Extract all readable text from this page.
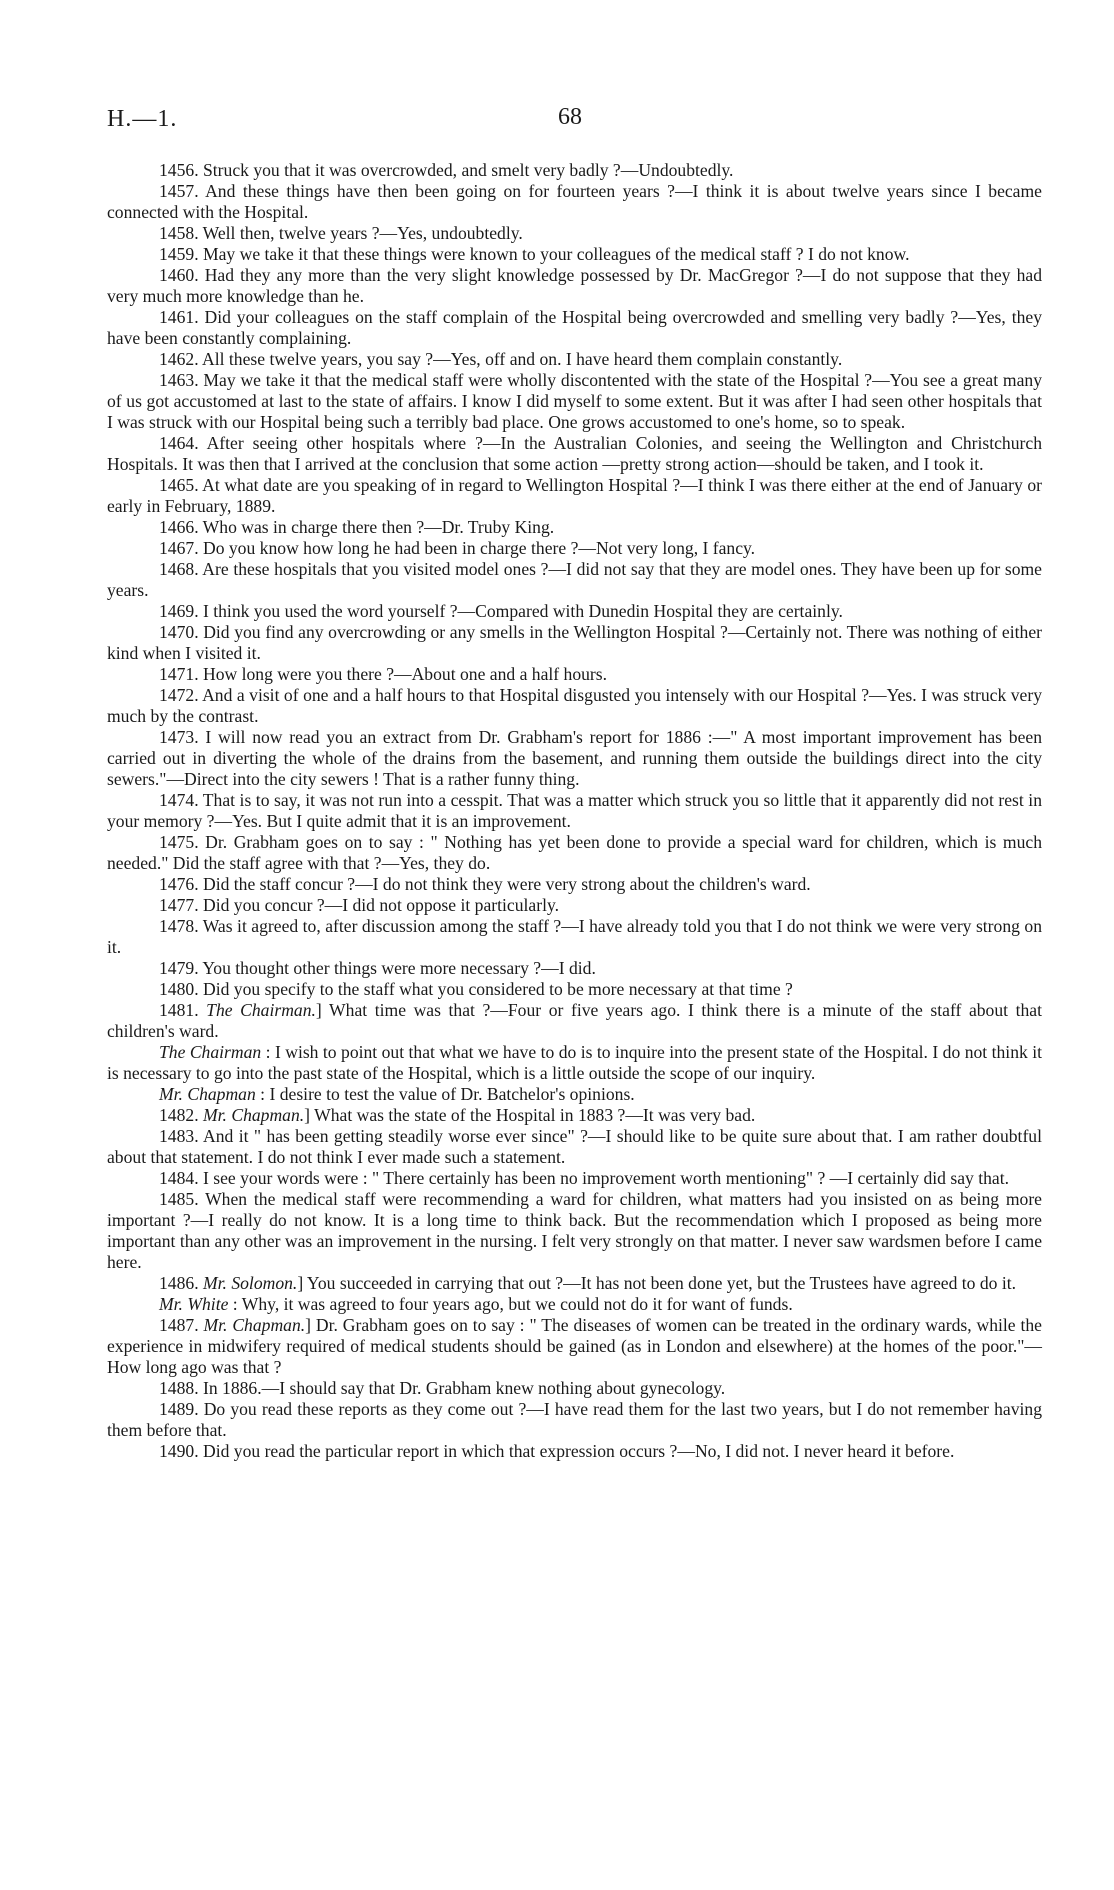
H.—1.	68

1456. Struck you that it was overcrowded, and smelt very badly ?—Undoubtedly.

1457. And these things have then been going on for fourteen years ?—I think it is about twelve years since I became connected with the Hospital.

1458. Well then, twelve years ?—Yes, undoubtedly.

1459. May we take it that these things were known to your colleagues of the medical staff ? I do not know.

1460. Had they any more than the very slight knowledge possessed by Dr. MacGregor ?—I do not suppose that they had very much more knowledge than he.

1461. Did your colleagues on the staff complain of the Hospital being overcrowded and smelling very badly ?—Yes, they have been constantly complaining.

1462. All these twelve years, you say ?—Yes, off and on. I have heard them complain constantly.

1463. May we take it that the medical staff were wholly discontented with the state of the Hospital ?—You see a great many of us got accustomed at last to the state of affairs. I know I did myself to some extent. But it was after I had seen other hospitals that I was struck with our Hospital being such a terribly bad place. One grows accustomed to one's home, so to speak.

1464. After seeing other hospitals where ?—In the Australian Colonies, and seeing the Wellington and Christchurch Hospitals. It was then that I arrived at the conclusion that some action —pretty strong action—should be taken, and I took it.

1465. At what date are you speaking of in regard to Wellington Hospital ?—I think I was there either at the end of January or early in February, 1889.

1466. Who was in charge there then ?—Dr. Truby King.

1467. Do you know how long he had been in charge there ?—Not very long, I fancy.

1468. Are these hospitals that you visited model ones ?—I did not say that they are model ones. They have been up for some years.

1469. I think you used the word yourself ?—Compared with Dunedin Hospital they are certainly.

1470. Did you find any overcrowding or any smells in the Wellington Hospital ?—Certainly not. There was nothing of either kind when I visited it.

1471. How long were you there ?—About one and a half hours.

1472. And a visit of one and a half hours to that Hospital disgusted you intensely with our Hospital ?—Yes. I was struck very much by the contrast.

1473. I will now read you an extract from Dr. Grabham's report for 1886 :—" A most important improvement has been carried out in diverting the whole of the drains from the basement, and running them outside the buildings direct into the city sewers."—Direct into the city sewers ! That is a rather funny thing.

1474. That is to say, it was not run into a cesspit. That was a matter which struck you so little that it apparently did not rest in your memory ?—Yes. But I quite admit that it is an improvement.

1475. Dr. Grabham goes on to say : " Nothing has yet been done to provide a special ward for children, which is much needed." Did the staff agree with that ?—Yes, they do.

1476. Did the staff concur ?—I do not think they were very strong about the children's ward.

1477. Did you concur ?—I did not oppose it particularly.

1478. Was it agreed to, after discussion among the staff ?—I have already told you that I do not think we were very strong on it.

1479. You thought other things were more necessary ?—I did.

1480. Did you specify to the staff what you considered to be more necessary at that time ?

1481. The Chairman.] What time was that ?—Four or five years ago. I think there is a minute of the staff about that children's ward.

The Chairman : I wish to point out that what we have to do is to inquire into the present state of the Hospital. I do not think it is necessary to go into the past state of the Hospital, which is a little outside the scope of our inquiry.

Mr. Chapman : I desire to test the value of Dr. Batchelor's opinions.

1482. Mr. Chapman.] What was the state of the Hospital in 1883 ?—It was very bad.

1483. And it " has been getting steadily worse ever since" ?—I should like to be quite sure about that. I am rather doubtful about that statement. I do not think I ever made such a statement.

1484. I see your words were : " There certainly has been no improvement worth mentioning" ? —I certainly did say that.

1485. When the medical staff were recommending a ward for children, what matters had you insisted on as being more important ?—I really do not know. It is a long time to think back. But the recommendation which I proposed as being more important than any other was an improvement in the nursing. I felt very strongly on that matter. I never saw wardsmen before I came here.

1486. Mr. Solomon.] You succeeded in carrying that out ?—It has not been done yet, but the Trustees have agreed to do it.

Mr. White : Why, it was agreed to four years ago, but we could not do it for want of funds.

1487. Mr. Chapman.] Dr. Grabham goes on to say : " The diseases of women can be treated in the ordinary wards, while the experience in midwifery required of medical students should be gained (as in London and elsewhere) at the homes of the poor."—How long ago was that ?

1488. In 1886.—I should say that Dr. Grabham knew nothing about gynecology.

1489. Do you read these reports as they come out ?—I have read them for the last two years, but I do not remember having them before that.

1490. Did you read the particular report in which that expression occurs ?—No, I did not. I never heard it before.
